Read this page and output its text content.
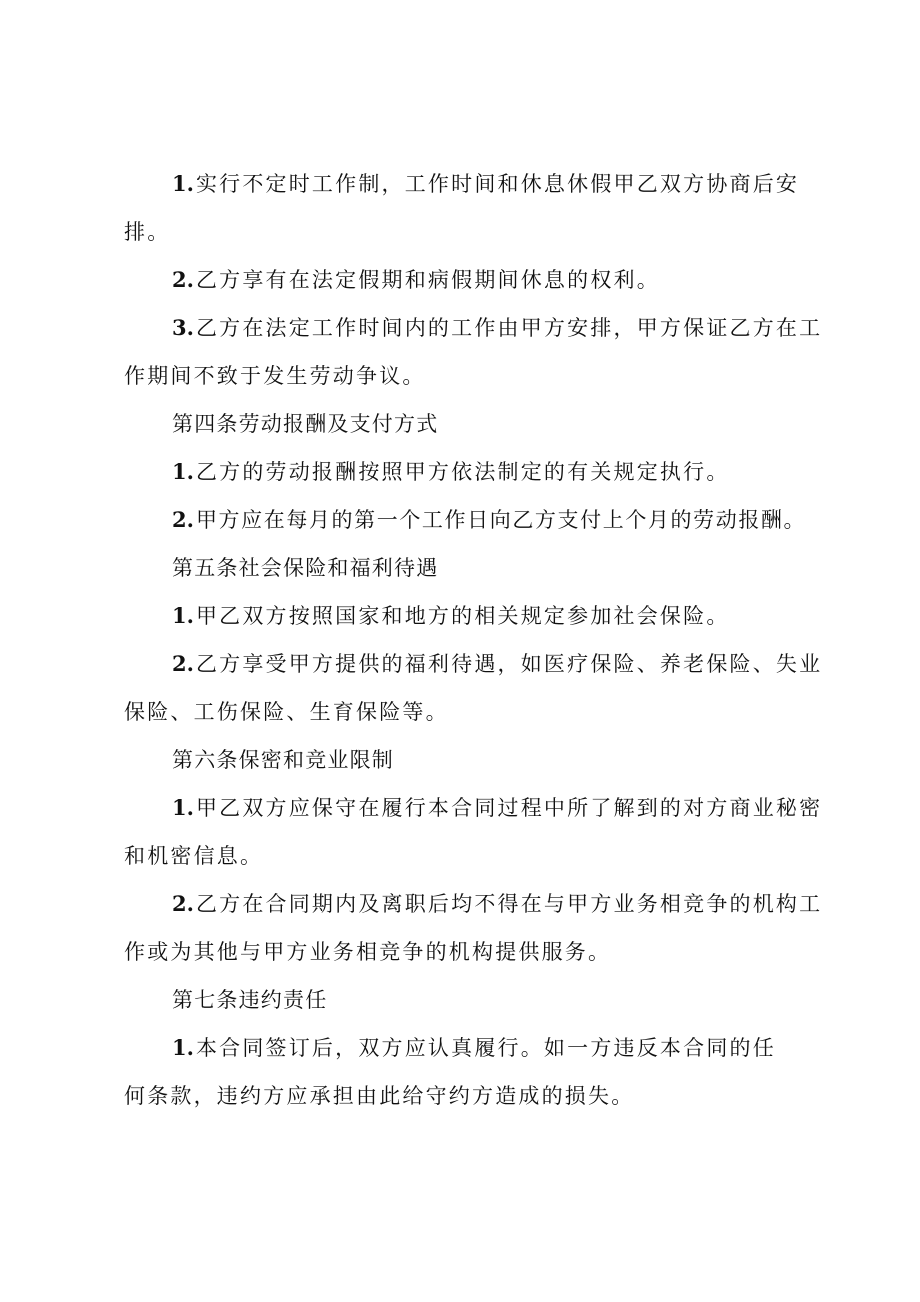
1.实行不定时工作制，工作时间和休息休假甲乙双方协商后安排。

2.乙方享有在法定假期和病假期间休息的权利。

3.乙方在法定工作时间内的工作由甲方安排，甲方保证乙方在工作期间不致于发生劳动争议。

第四条劳动报酬及支付方式

1.乙方的劳动报酬按照甲方依法制定的有关规定执行。

2.甲方应在每月的第一个工作日向乙方支付上个月的劳动报酬。

第五条社会保险和福利待遇

1.甲乙双方按照国家和地方的相关规定参加社会保险。

2.乙方享受甲方提供的福利待遇，如医疗保险、养老保险、失业保险、工伤保险、生育保险等。

第六条保密和竞业限制

1.甲乙双方应保守在履行本合同过程中所了解到的对方商业秘密和机密信息。

2.乙方在合同期内及离职后均不得在与甲方业务相竞争的机构工作或为其他与甲方业务相竞争的机构提供服务。

第七条违约责任

1.本合同签订后，双方应认真履行。如一方违反本合同的任何条款，违约方应承担由此给守约方造成的损失。
